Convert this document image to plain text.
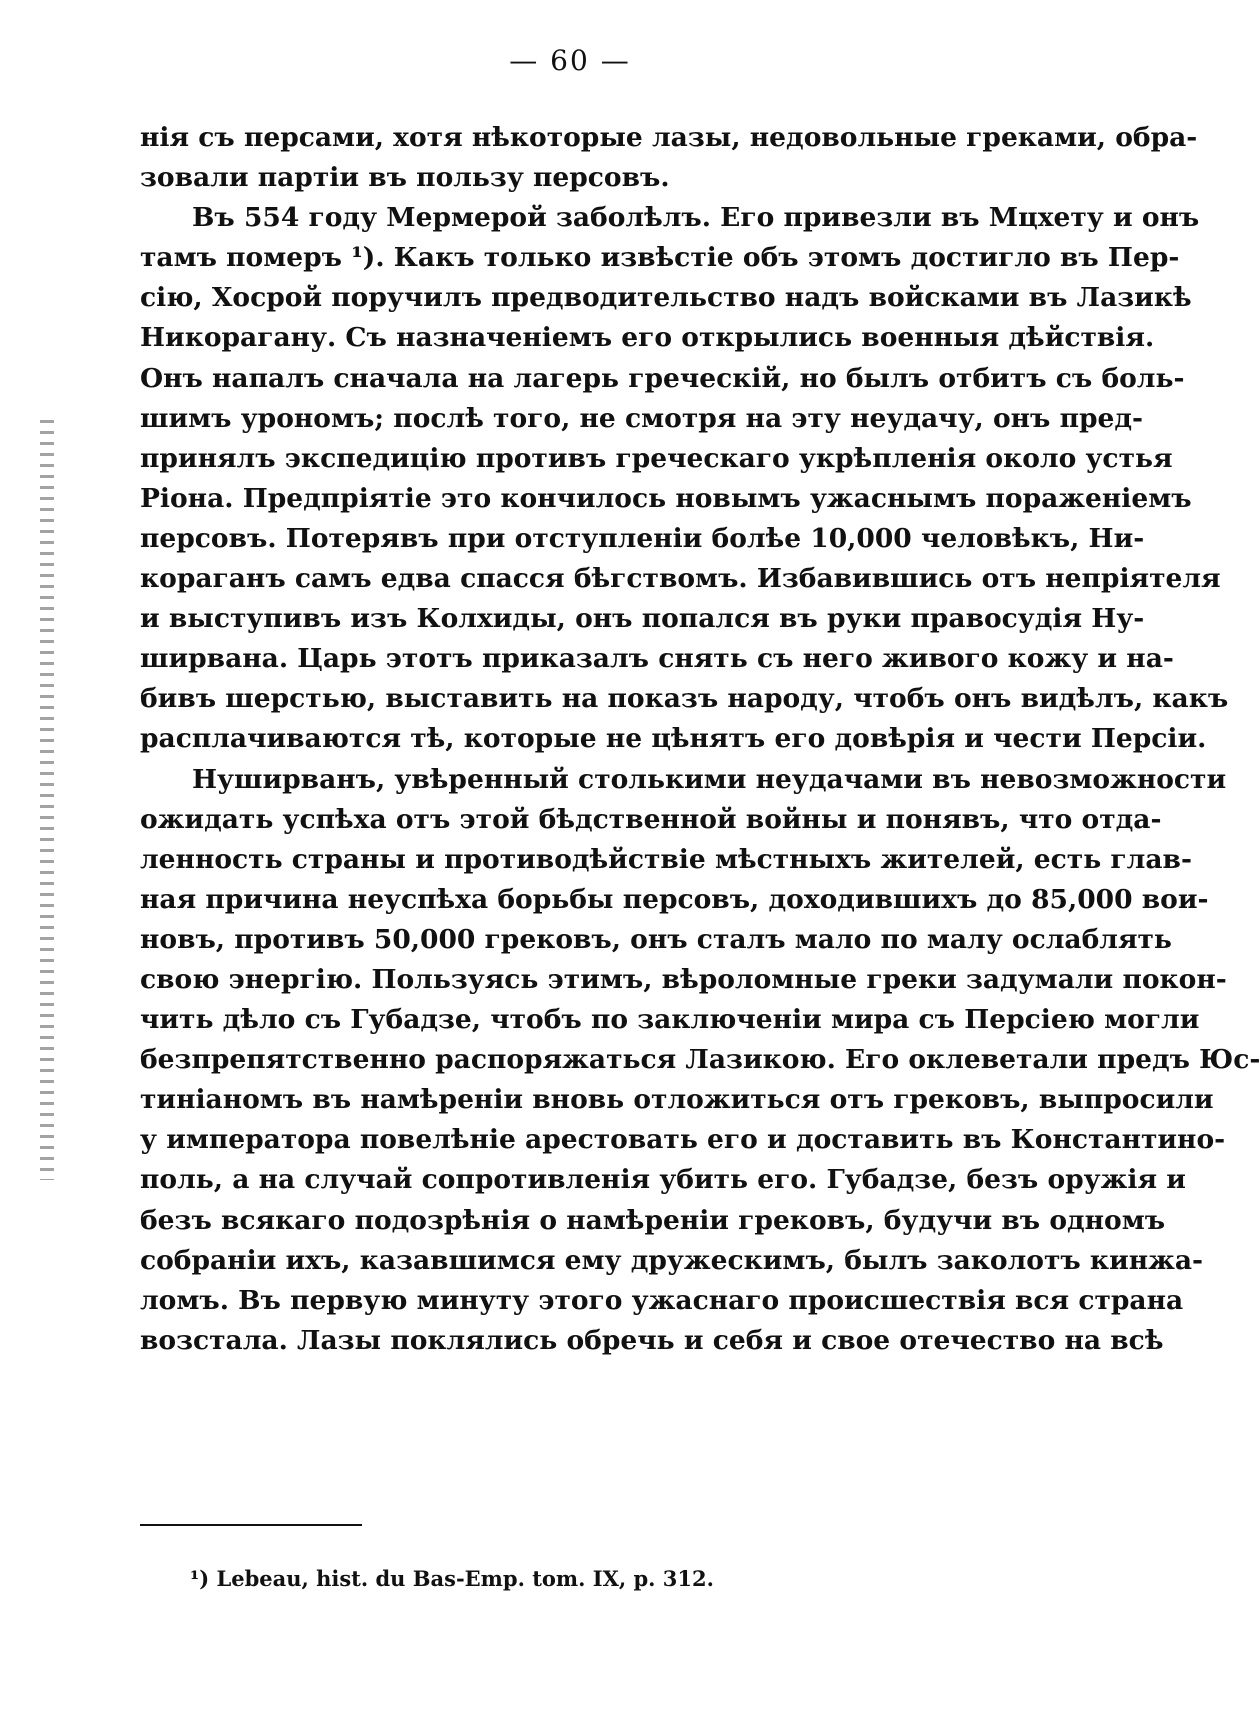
— 60 —
нія съ персами, хотя нѣкоторые лазы, недовольные греками, обра-
зовали партіи въ пользу персовъ.
Въ 554 году Мермерой заболѣлъ. Его привезли въ Мцхету и онъ
тамъ померъ ¹). Какъ только извѣстіе объ этомъ достигло въ Пер-
сію, Хосрой поручилъ предводительство надъ войсками въ Лазикѣ
Никорагану. Съ назначеніемъ его открылись военныя дѣйствія.
Онъ напалъ сначала на лагерь греческій, но былъ отбитъ съ боль-
шимъ урономъ; послѣ того, не смотря на эту неудачу, онъ пред-
принялъ экспедицію противъ греческаго укрѣпленія около устья
Ріона. Предпріятіе это кончилось новымъ ужаснымъ пораженіемъ
персовъ. Потерявъ при отступленіи болѣе 10,000 человѣкъ, Ни-
кораганъ самъ едва спасся бѣгствомъ. Избавившись отъ непріятеля
и выступивъ изъ Колхиды, онъ попался въ руки правосудія Ну-
ширвана. Царь этотъ приказалъ снять съ него живого кожу и на-
бивъ шерстью, выставить на показъ народу, чтобъ онъ видѣлъ, какъ
расплачиваются тѣ, которые не цѣнятъ его довѣрія и чести Персіи.
Нуширванъ, увѣренный столькими неудачами въ невозможности
ожидать успѣха отъ этой бѣдственной войны и понявъ, что отда-
ленность страны и противодѣйствіе мѣстныхъ жителей, есть глав-
ная причина неуспѣха борьбы персовъ, доходившихъ до 85,000 вои-
новъ, противъ 50,000 грековъ, онъ сталъ мало по малу ослаблять
свою энергію. Пользуясь этимъ, вѣроломные греки задумали покон-
чить дѣло съ Губадзе, чтобъ по заключеніи мира съ Персіею могли
безпрепятственно распоряжаться Лазикою. Его оклеветали предъ Юс-
тиніаномъ въ намѣреніи вновь отложиться отъ грековъ, выпросили
у императора повелѣніе арестовать его и доставить въ Константино-
поль, а на случай сопротивленія убить его. Губадзе, безъ оружія и
безъ всякаго подозрѣнія о намѣреніи грековъ, будучи въ одномъ
собраніи ихъ, казавшимся ему дружескимъ, былъ заколотъ кинжа-
ломъ. Въ первую минуту этого ужаснаго происшествія вся страна
возстала. Лазы поклялись обречь и себя и свое отечество на всѣ
¹) Lebeau, hist. du Bas-Emp. tom. IX, p. 312.
